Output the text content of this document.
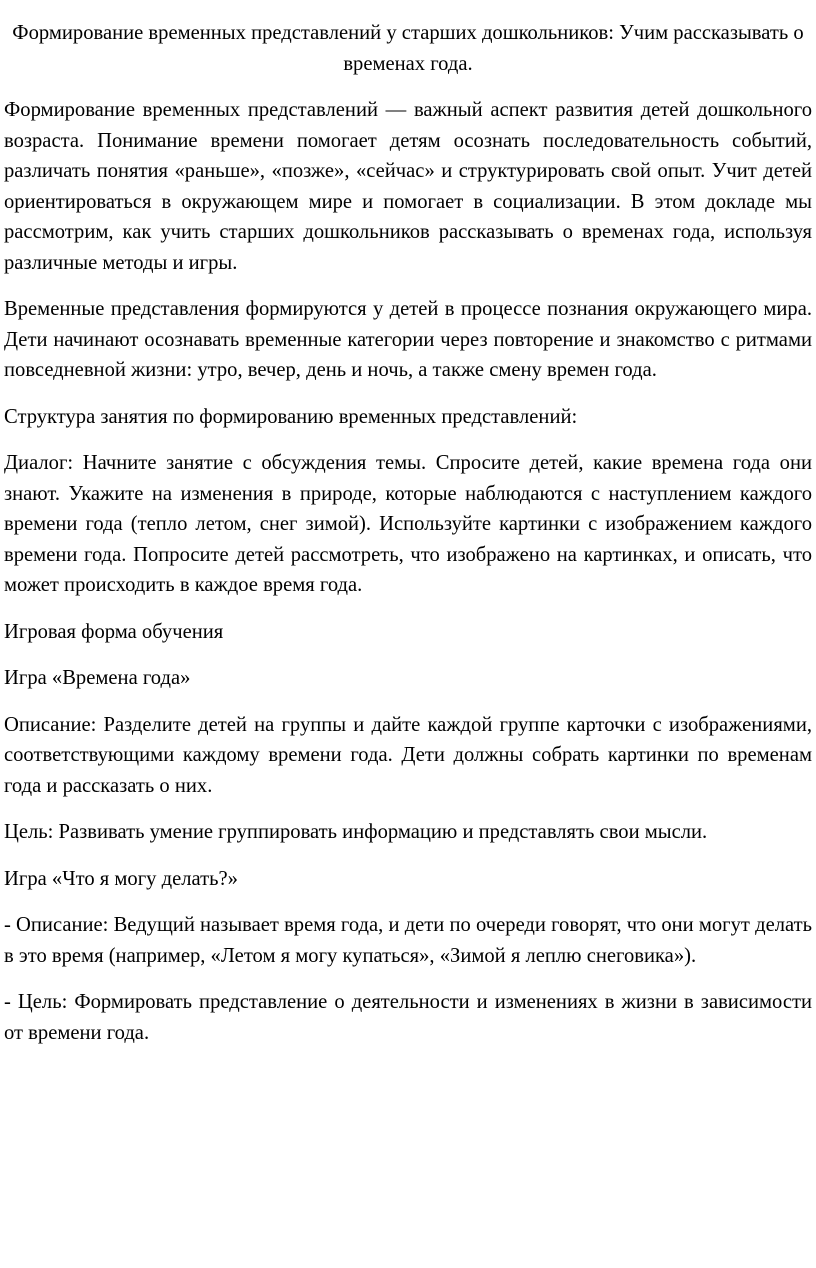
Формирование временных представлений у старших дошкольников: Учим рассказывать о временах года.

Формирование временных представлений — важный аспект развития детей дошкольного возраста. Понимание времени помогает детям осознать последовательность событий, различать понятия «раньше», «позже», «сейчас» и структурировать свой опыт. Учит детей ориентироваться в окружающем мире и помогает в социализации. В этом докладе мы рассмотрим, как учить старших дошкольников рассказывать о временах года, используя различные методы и игры.

Временные представления формируются у детей в процессе познания окружающего мира. Дети начинают осознавать временные категории через повторение и знакомство с ритмами повседневной жизни: утро, вечер, день и ночь, а также смену времен года.

Структура занятия по формированию временных представлений:

Диалог: Начните занятие с обсуждения темы. Спросите детей, какие времена года они знают. Укажите на изменения в природе, которые наблюдаются с наступлением каждого времени года (тепло летом, снег зимой). Используйте картинки с изображением каждого времени года. Попросите детей рассмотреть, что изображено на картинках, и описать, что может происходить в каждое время года.

Игровая форма обучения

Игра «Времена года»

Описание: Разделите детей на группы и дайте каждой группе карточки с изображениями, соответствующими каждому времени года. Дети должны собрать картинки по временам года и рассказать о них.

Цель: Развивать умение группировать информацию и представлять свои мысли.

Игра «Что я могу делать?»

- Описание: Ведущий называет время года, и дети по очереди говорят, что они могут делать в это время (например, «Летом я могу купаться», «Зимой я леплю снеговика»).

- Цель: Формировать представление о деятельности и изменениях в жизни в зависимости от времени года.
